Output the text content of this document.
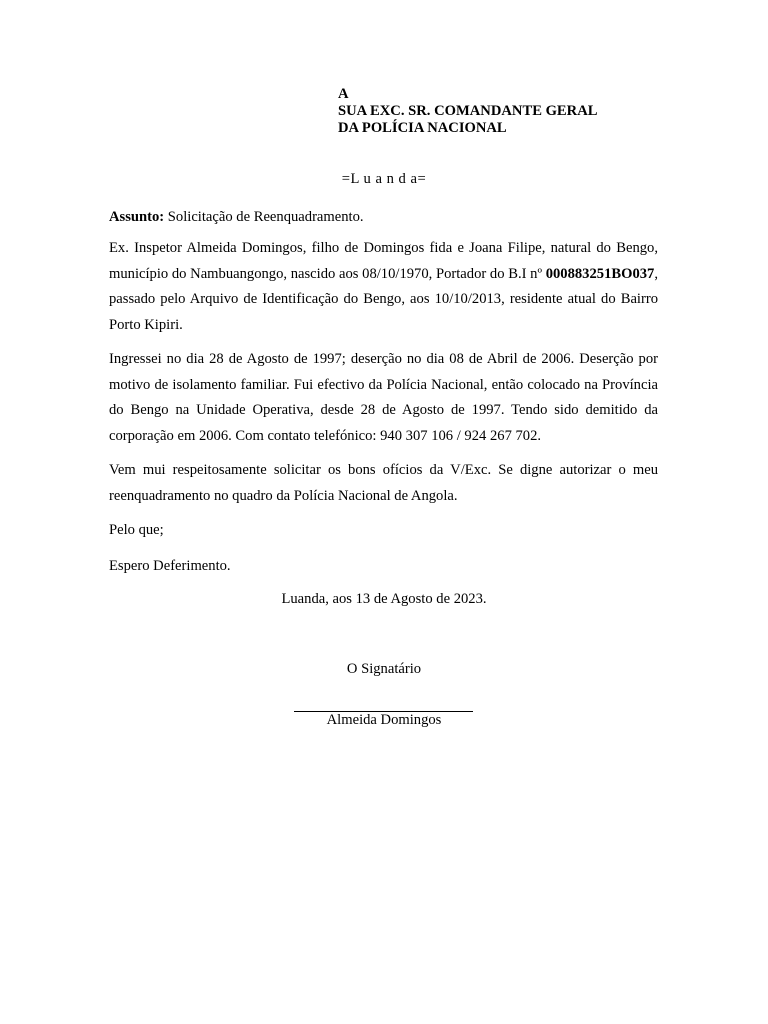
A
SUA EXC. SR. COMANDANTE GERAL
DA POLÍCIA NACIONAL
=L u a n d a=

Assunto: Solicitação de Reenquadramento.

Ex. Inspetor Almeida Domingos, filho de Domingos fida e Joana Filipe, natural do Bengo, município do Nambuangongo, nascido aos 08/10/1970, Portador do B.I nº 000883251BO037, passado pelo Arquivo de Identificação do Bengo, aos 10/10/2013, residente atual do Bairro Porto Kipiri.

Ingressei no dia 28 de Agosto de 1997; deserção no dia 08 de Abril de 2006. Deserção por motivo de isolamento familiar. Fui efectivo da Polícia Nacional, então colocado na Província do Bengo na Unidade Operativa, desde 28 de Agosto de 1997. Tendo sido demitido da corporação em 2006. Com contato telefónico: 940 307 106 / 924 267 702.

Vem mui respeitosamente solicitar os bons ofícios da V/Exc. Se digne autorizar o meu reenquadramento no quadro da Polícia Nacional de Angola.

Pelo que;

Espero Deferimento.

Luanda, aos 13 de Agosto de 2023.
O Signatário
Almeida Domingos
